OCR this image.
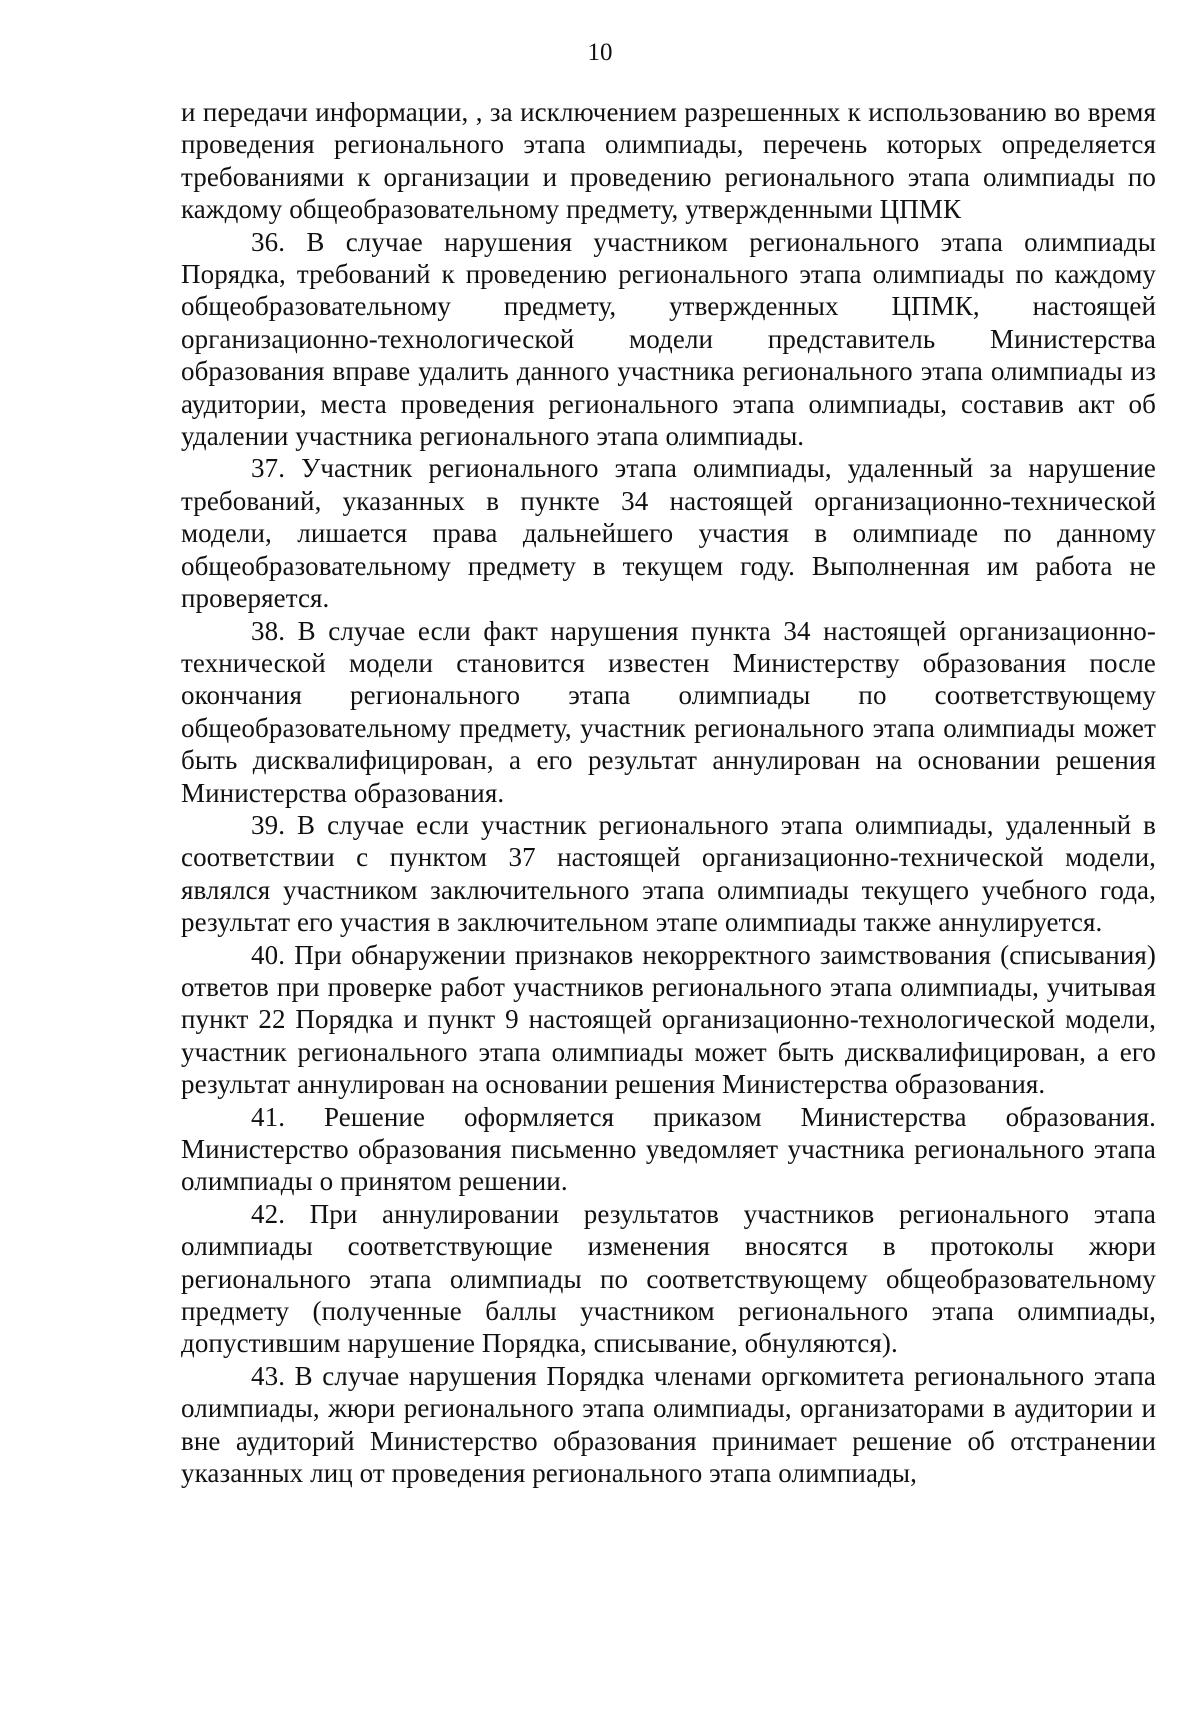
10

и передачи информации, , за исключением разрешенных к использованию во время проведения регионального этапа олимпиады, перечень которых определяется требованиями к организации и проведению регионального этапа олимпиады по каждому общеобразовательному предмету, утвержденными ЦПМК

36. В случае нарушения участником регионального этапа олимпиады Порядка, требований к проведению регионального этапа олимпиады по каждому общеобразовательному предмету, утвержденных ЦПМК, настоящей организационно-технологической модели представитель Министерства образования вправе удалить данного участника регионального этапа олимпиады из аудитории, места проведения регионального этапа олимпиады, составив акт об удалении участника регионального этапа олимпиады.

37. Участник регионального этапа олимпиады, удаленный за нарушение требований, указанных в пункте 34 настоящей организационно-технической модели, лишается права дальнейшего участия в олимпиаде по данному общеобразовательному предмету в текущем году. Выполненная им работа не проверяется.

38. В случае если факт нарушения пункта 34 настоящей организационно-технической модели становится известен Министерству образования после окончания регионального этапа олимпиады по соответствующему общеобразовательному предмету, участник регионального этапа олимпиады может быть дисквалифицирован, а его результат аннулирован на основании решения Министерства образования.

39. В случае если участник регионального этапа олимпиады, удаленный в соответствии с пунктом 37 настоящей организационно-технической модели, являлся участником заключительного этапа олимпиады текущего учебного года, результат его участия в заключительном этапе олимпиады также аннулируется.

40. При обнаружении признаков некорректного заимствования (списывания) ответов при проверке работ участников регионального этапа олимпиады, учитывая пункт 22 Порядка и пункт 9 настоящей организационно-технологической модели, участник регионального этапа олимпиады может быть дисквалифицирован, а его результат аннулирован на основании решения Министерства образования.

41. Решение оформляется приказом Министерства образования. Министерство образования письменно уведомляет участника регионального этапа олимпиады о принятом решении.

42. При аннулировании результатов участников регионального этапа олимпиады соответствующие изменения вносятся в протоколы жюри регионального этапа олимпиады по соответствующему общеобразовательному предмету (полученные баллы участником регионального этапа олимпиады, допустившим нарушение Порядка, списывание, обнуляются).

43. В случае нарушения Порядка членами оргкомитета регионального этапа олимпиады, жюри регионального этапа олимпиады, организаторами в аудитории и вне аудиторий Министерство образования принимает решение об отстранении указанных лиц от проведения регионального этапа олимпиады,
